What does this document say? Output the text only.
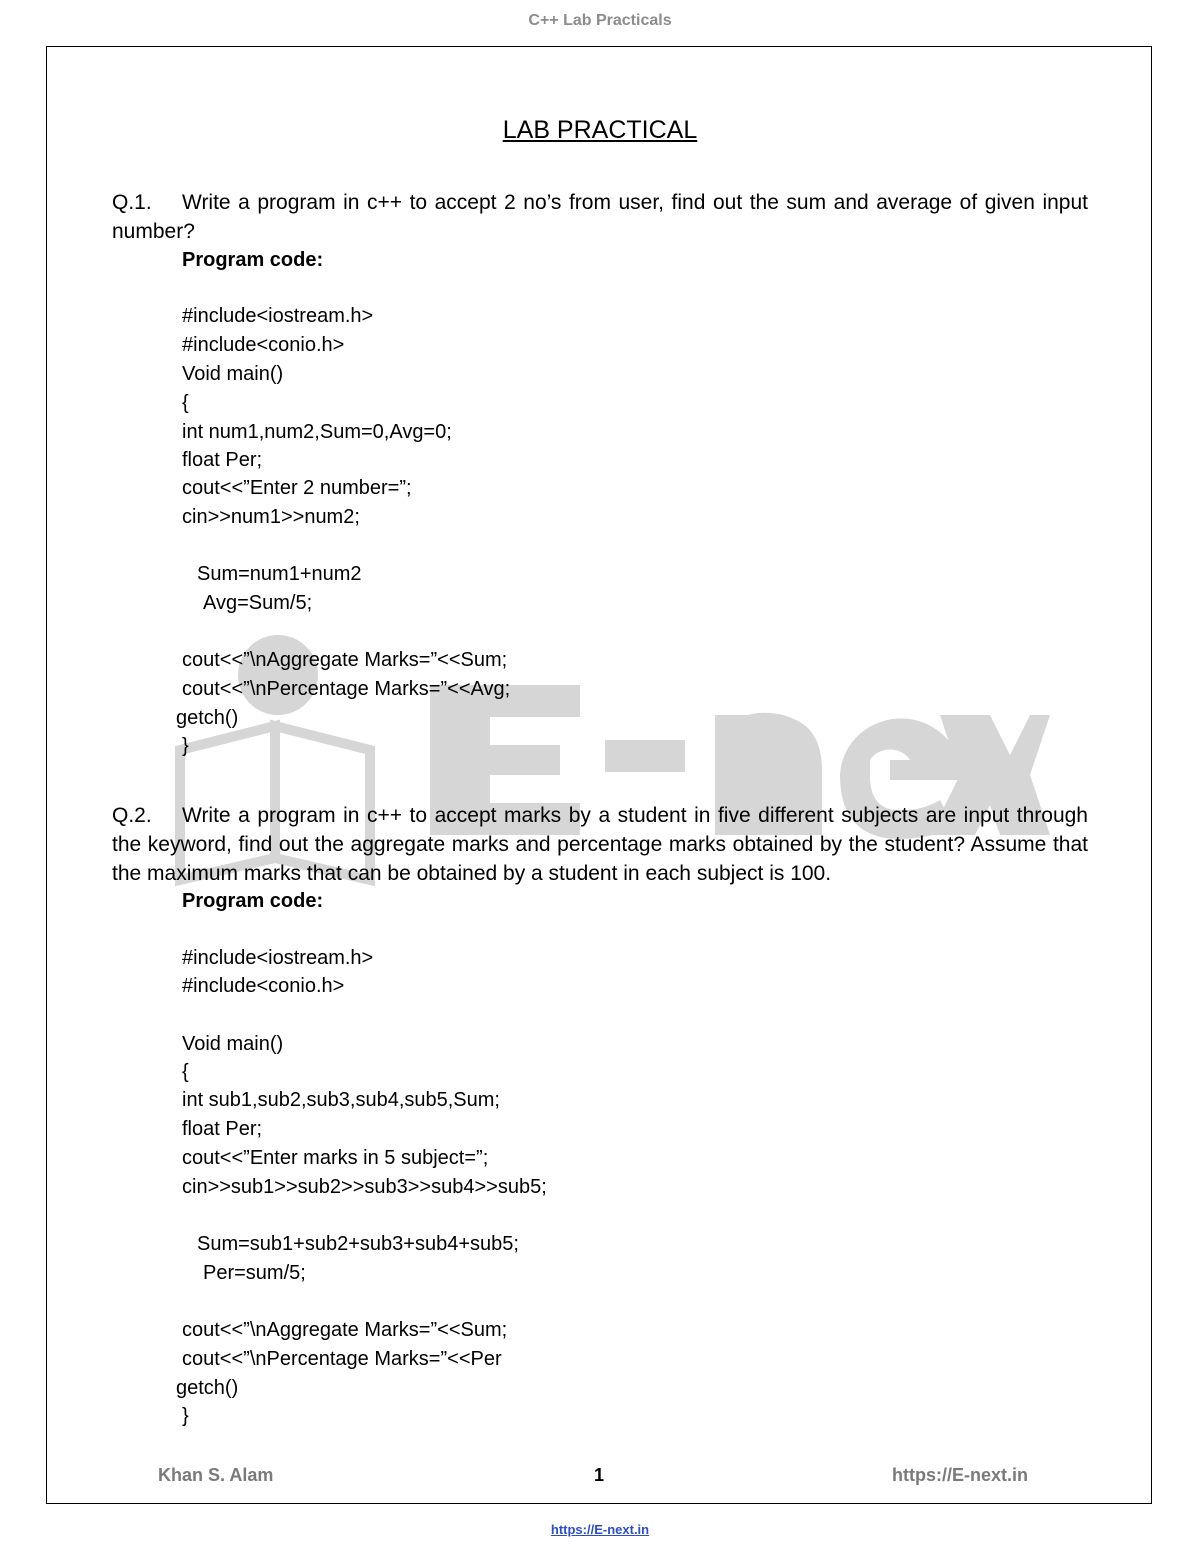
C++ Lab Practicals
LAB PRACTICAL
Q.1. Write a program in c++ to accept 2 no’s from user, find out the sum and average of given input number?
Program code:
#include<iostream.h>
#include<conio.h>
Void main()
{
int num1,num2,Sum=0,Avg=0;
float Per;
cout<<”Enter 2 number=”;
cin>>num1>>num2;
Sum=num1+num2
Avg=Sum/5;
cout<<”\nAggregate Marks=”<<Sum;
cout<<”\nPercentage Marks=”<<Avg;
getch()
}
Q.2. Write a program in c++ to accept marks by a student in five different subjects are input through the keyword, find out the aggregate marks and percentage marks obtained by the student? Assume that the maximum marks that can be obtained by a student in each subject is 100.
Program code:
#include<iostream.h>
#include<conio.h>
Void main()
{
int sub1,sub2,sub3,sub4,sub5,Sum;
float Per;
cout<<”Enter marks in 5 subject=”;
cin>>sub1>>sub2>>sub3>>sub4>>sub5;
Sum=sub1+sub2+sub3+sub4+sub5;
Per=sum/5;
cout<<”\nAggregate Marks=”<<Sum;
cout<<”\nPercentage Marks=”<<Per
getch()
}
Khan S. Alam	1	https://E-next.in
https://E-next.in
